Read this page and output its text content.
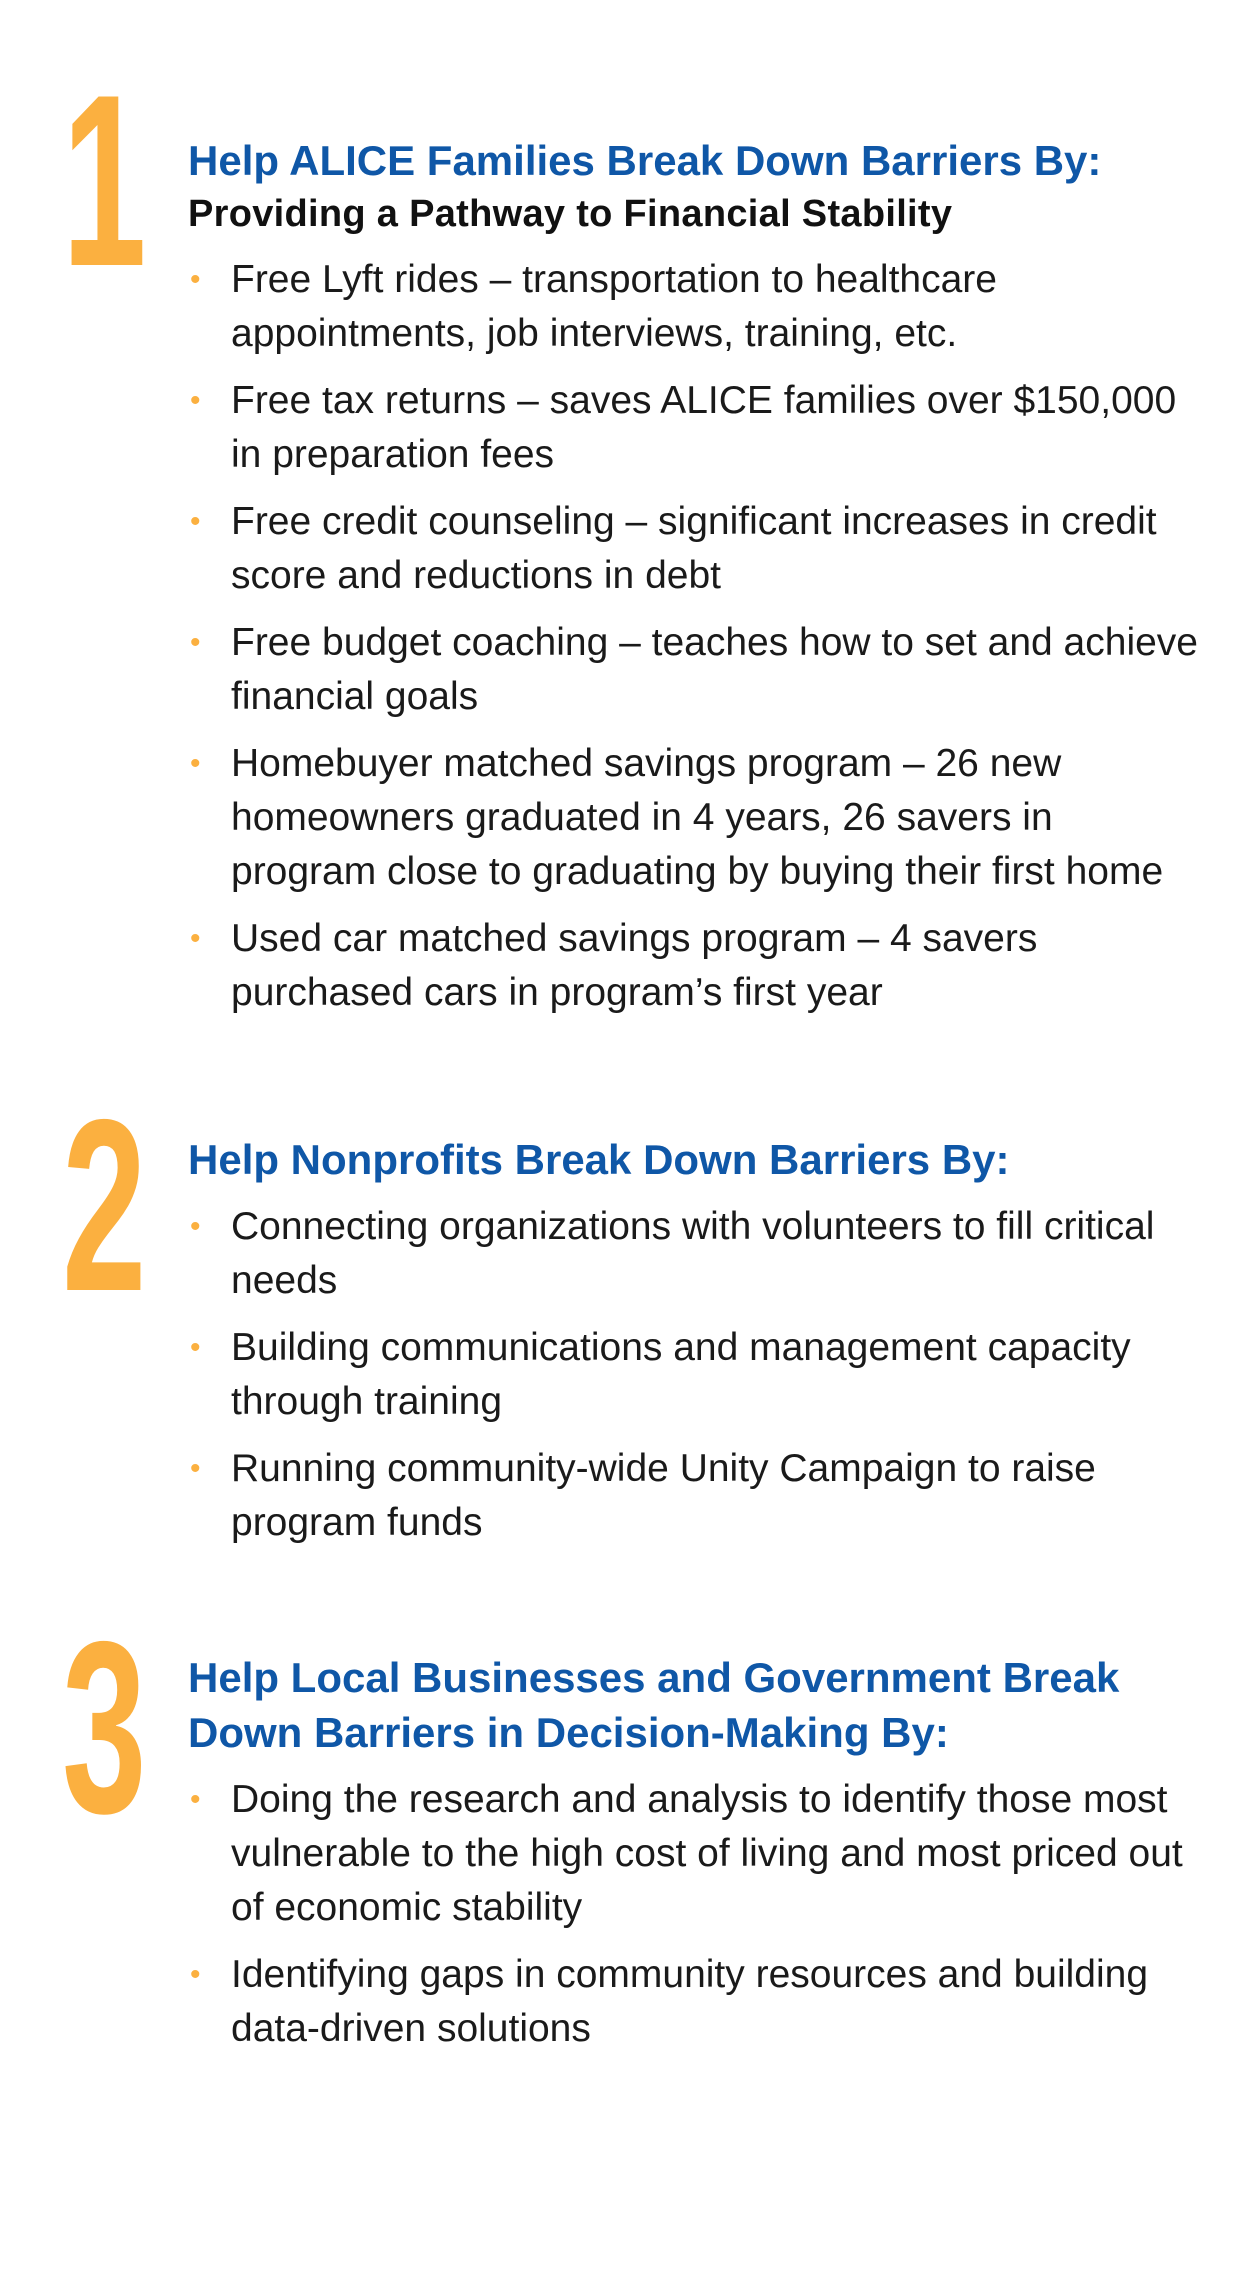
1 Help ALICE Families Break Down Barriers By:
Providing a Pathway to Financial Stability
• Free Lyft rides – transportation to healthcare appointments, job interviews, training, etc.
• Free tax returns – saves ALICE families over $150,000 in preparation fees
• Free credit counseling – significant increases in credit score and reductions in debt
• Free budget coaching – teaches how to set and achieve financial goals
• Homebuyer matched savings program – 26 new homeowners graduated in 4 years, 26 savers in program close to graduating by buying their first home
• Used car matched savings program – 4 savers purchased cars in program’s first year
2 Help Nonprofits Break Down Barriers By:
• Connecting organizations with volunteers to fill critical needs
• Building communications and management capacity through training
• Running community-wide Unity Campaign to raise program funds
3 Help Local Businesses and Government Break Down Barriers in Decision-Making By:
• Doing the research and analysis to identify those most vulnerable to the high cost of living and most priced out of economic stability
• Identifying gaps in community resources and building data-driven solutions
